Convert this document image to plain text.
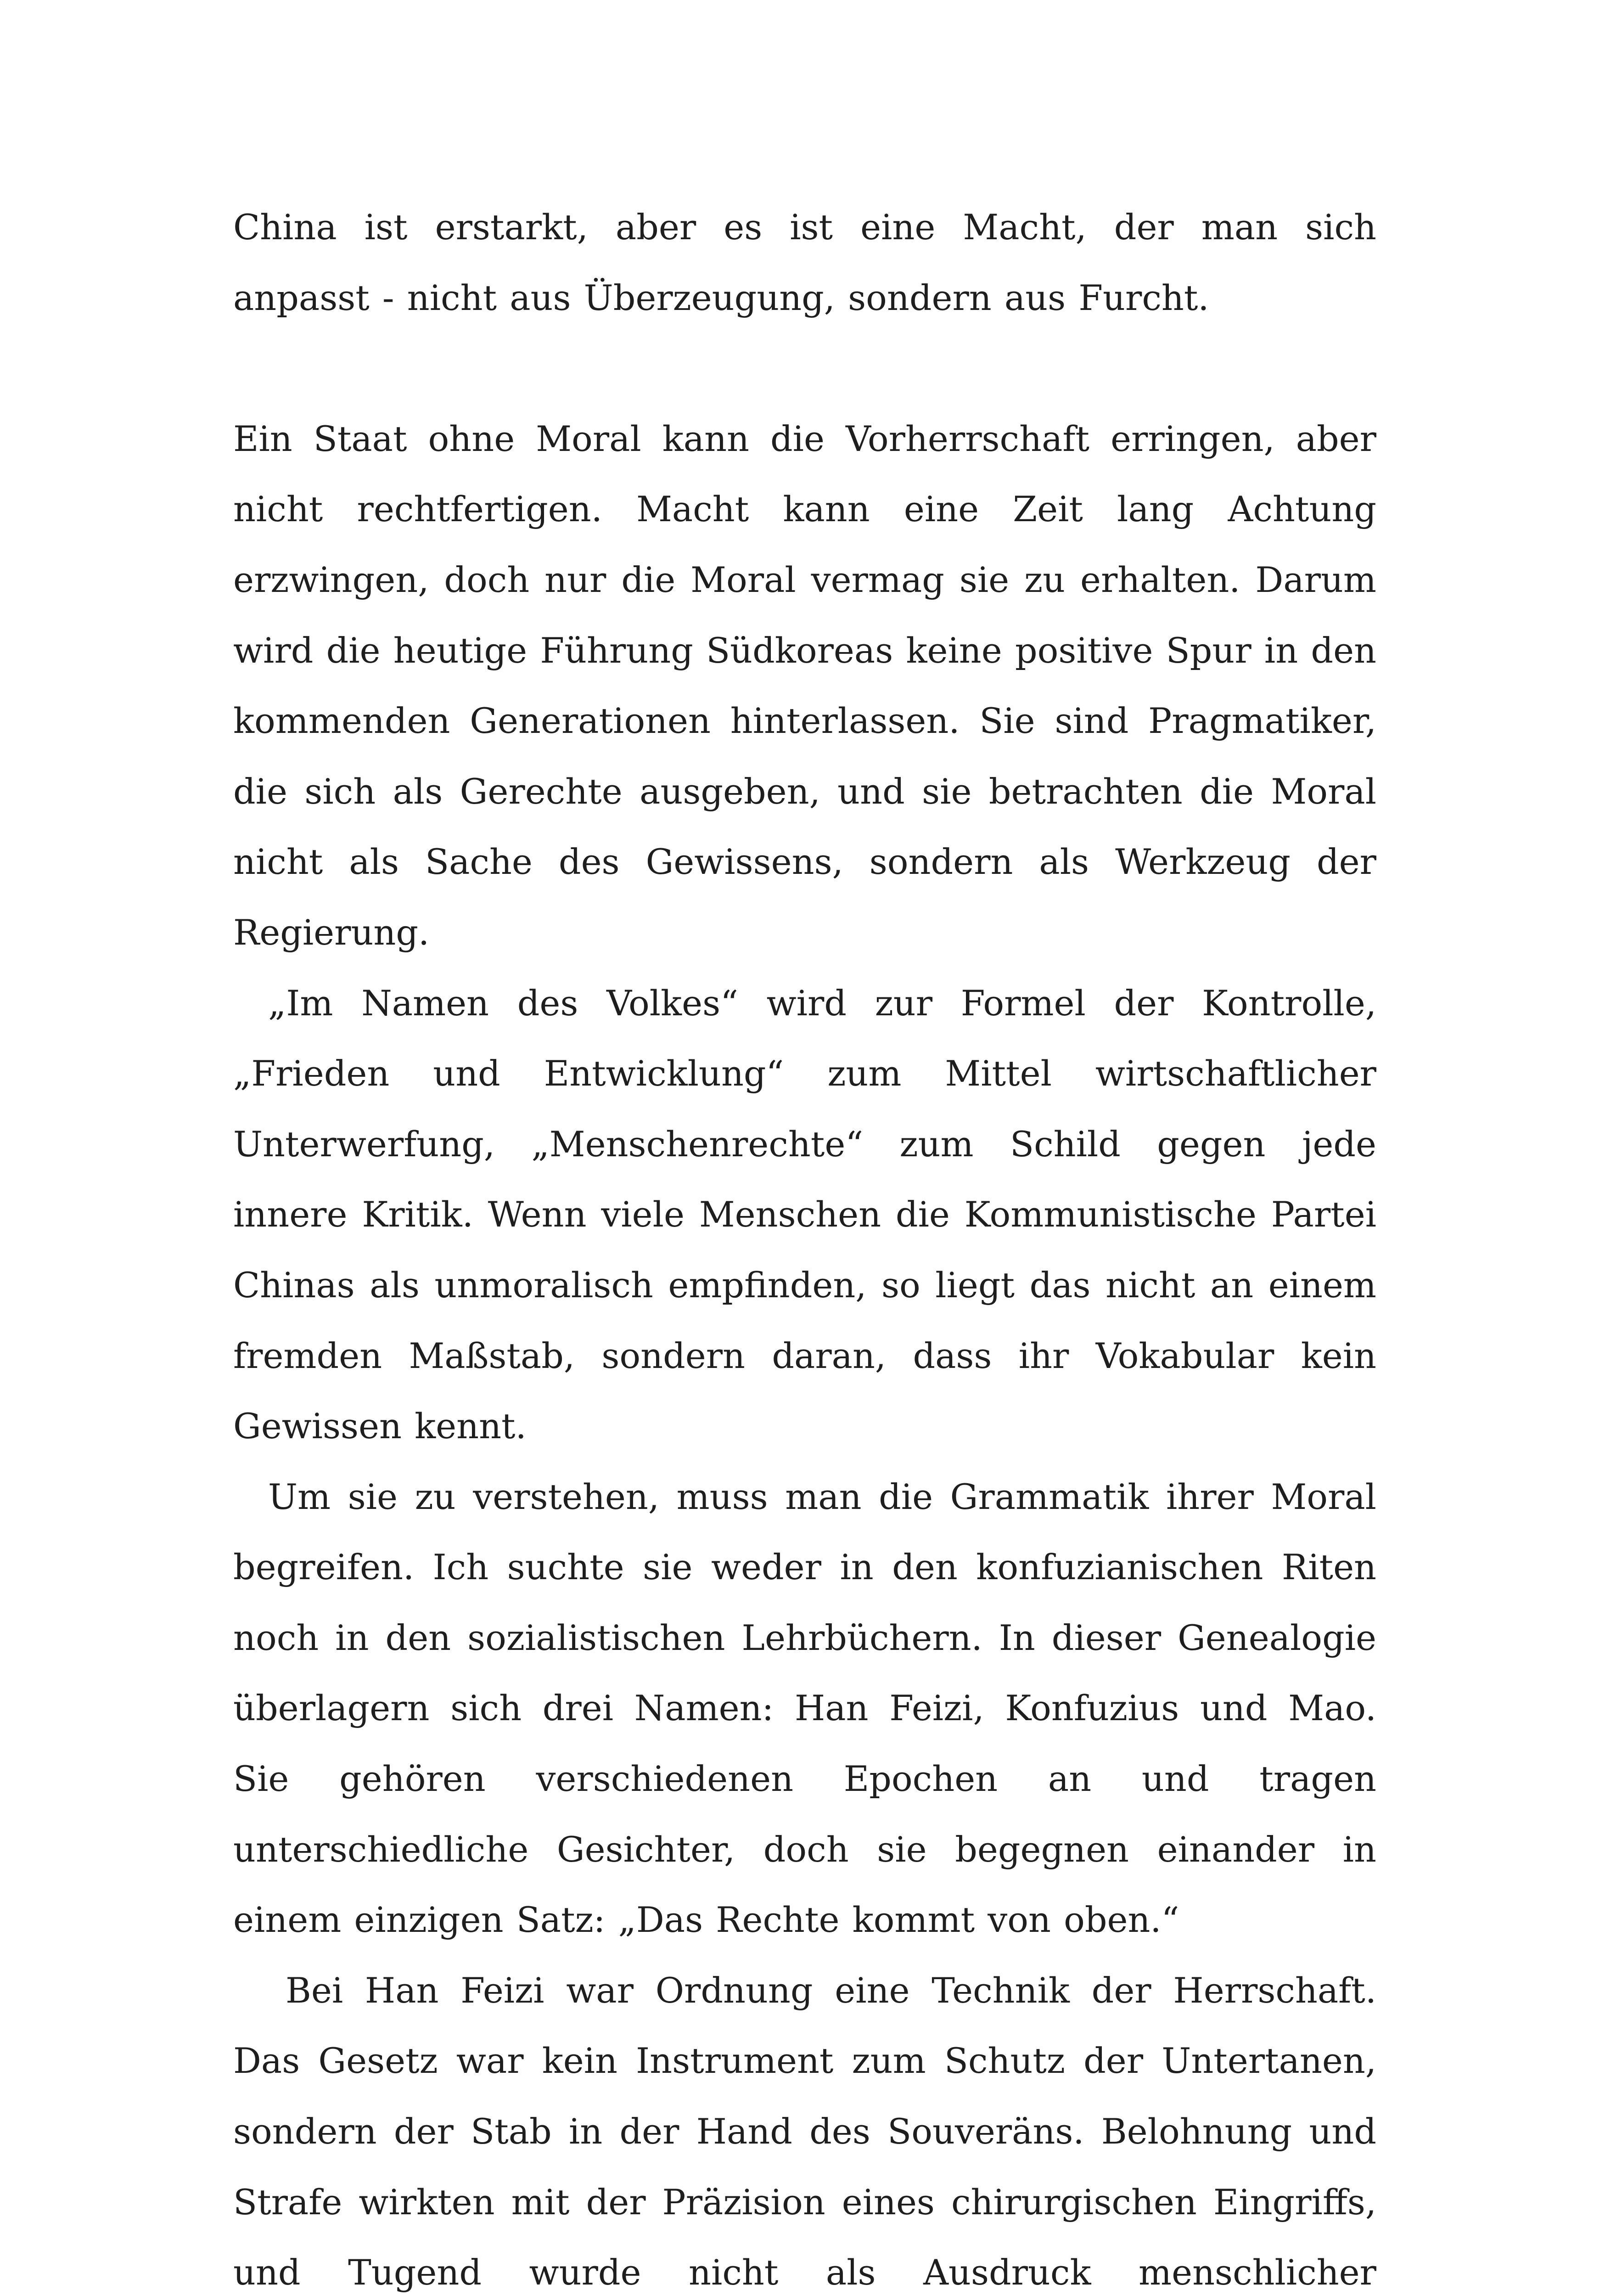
China ist erstarkt, aber es ist eine Macht, der man sich anpasst - nicht aus Überzeugung, sondern aus Furcht.

Ein Staat ohne Moral kann die Vorherrschaft erringen, aber nicht rechtfertigen. Macht kann eine Zeit lang Achtung erzwingen, doch nur die Moral vermag sie zu erhalten. Darum wird die heutige Führung Südkoreas keine positive Spur in den kommenden Generationen hinterlassen. Sie sind Pragmatiker, die sich als Gerechte ausgeben, und sie betrachten die Moral nicht als Sache des Gewissens, sondern als Werkzeug der Regierung.

„Im Namen des Volkes“ wird zur Formel der Kontrolle, „Frieden und Entwicklung“ zum Mittel wirtschaftlicher Unterwerfung, „Menschenrechte“ zum Schild gegen jede innere Kritik. Wenn viele Menschen die Kommunistische Partei Chinas als unmoralisch empfinden, so liegt das nicht an einem fremden Maßstab, sondern daran, dass ihr Vokabular kein Gewissen kennt.

Um sie zu verstehen, muss man die Grammatik ihrer Moral begreifen. Ich suchte sie weder in den konfuzianischen Riten noch in den sozialistischen Lehrbüchern. In dieser Genealogie überlagern sich drei Namen: Han Feizi, Konfuzius und Mao. Sie gehören verschiedenen Epochen an und tragen unterschiedliche Gesichter, doch sie begegnen einander in einem einzigen Satz: „Das Rechte kommt von oben.“

Bei Han Feizi war Ordnung eine Technik der Herrschaft. Das Gesetz war kein Instrument zum Schutz der Untertanen, sondern der Stab in der Hand des Souveräns. Belohnung und Strafe wirkten mit der Präzision eines chirurgischen Eingriffs, und Tugend wurde nicht als Ausdruck menschlicher
